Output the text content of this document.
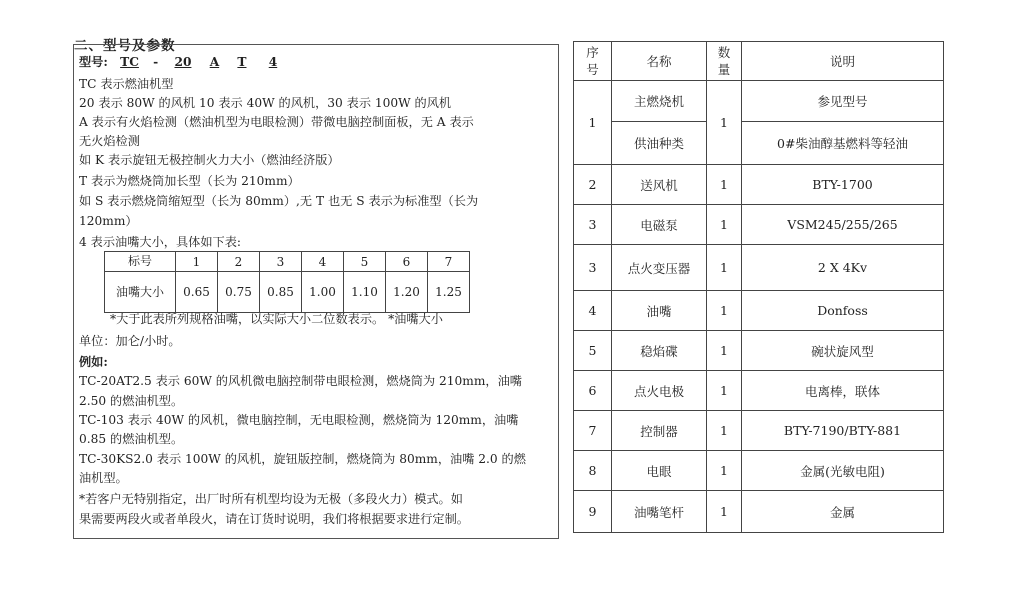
二、型号及参数
型号: TC - 20 A T 4
TC 表示燃油机型
20 表示 80W 的风机 10 表示 40W 的风机，30 表示 100W 的风机
A 表示有火焰检测（燃油机型为电眼检测）带微电脑控制面板，无 A 表示
无火焰检测
如 K 表示旋钮无极控制火力大小（燃油经济版）
T 表示为燃烧筒加长型（长为 210mm）
如 S 表示燃烧筒缩短型（长为 80mm）,无 T 也无 S 表示为标准型（长为
120mm）
4 表示油嘴大小，具体如下表:
标号	1	2	3	4	5	6	7
油嘴大小	0.65	0.75	0.85	1.00	1.10	1.20	1.25
*大于此表所列规格油嘴，以实际大小二位数表示。 *油嘴大小
单位：加仑/小时。
例如:
TC-20AT2.5 表示 60W 的风机微电脑控制带电眼检测，燃烧筒为 210mm，油嘴
2.50 的燃油机型。
TC-103 表示 40W 的风机，微电脑控制，无电眼检测，燃烧筒为 120mm，油嘴
0.85 的燃油机型。
TC-30KS2.0 表示 100W 的风机，旋钮版控制，燃烧筒为 80mm，油嘴 2.0 的燃
油机型。
*若客户无特别指定，出厂时所有机型均设为无极（多段火力）模式。如
果需要两段火或者单段火，请在订货时说明，我们将根据要求进行定制。
序号	名称	数量	说明
1	主燃烧机	1	参见型号
	供油种类		0#柴油醇基燃料等轻油
2	送风机	1	BTY-1700
3	电磁泵	1	VSM245/255/265
3	点火变压器	1	2 X 4Kv
4	油嘴	1	Donfoss
5	稳焰碟	1	碗状旋风型
6	点火电极	1	电离棒，联体
7	控制器	1	BTY-7190/BTY-881
8	电眼	1	金属(光敏电阻)
9	油嘴笔杆	1	金属
